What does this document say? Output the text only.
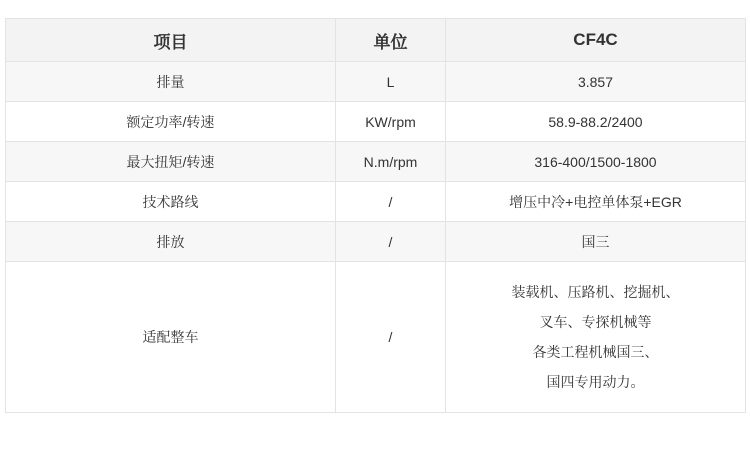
项目	单位	CF4C

排量	L	3.857

额定功率/转速	KW/rpm	58.9-88.2/2400

最大扭矩/转速	N.m/rpm	316-400/1500-1800

技术路线	/	增压中冷+电控单体泵+EGR

排放	/	国三

适配整车	/	装载机、压路机、挖掘机、
叉车、专探机械等
各类工程机械国三、
国四专用动力。
